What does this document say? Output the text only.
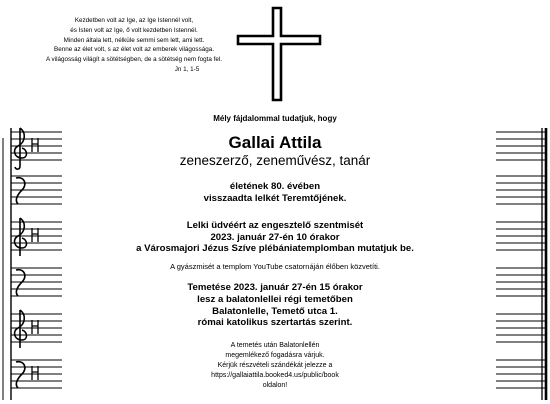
Kezdetben volt az Ige, az Ige Istennél volt,
és Isten volt az Ige, ő volt kezdetben Istennél.
Minden általa lett, nélküle semmi sem lett, ami lett.
Benne az élet volt, s az élet volt az emberek világossága.
A világosság világít a sötétségben, de a sötétség nem fogta fel.
Jn 1, 1-5
Mély fájdalommal tudatjuk, hogy
Gallai Attila
zeneszerző, zeneművész, tanár
életének 80. évében
visszaadta lelkét Teremtőjének.
Lelki üdvéért az engesztelő szentmisét
2023. január 27-én 10 órakor
a Városmajori Jézus Szíve plébániatemplomban mutatjuk be.
A gyászmisét a templom YouTube csatornáján élőben közvetíti.
Temetése 2023. január 27-én 15 órakor
lesz a balatonlellei régi temetőben
Balatonlelle, Temető utca 1.
római katolikus szertartás szerint.
A temetés után Balatonlellén
megemlékező fogadásra várjuk.
Kérjük részvételi szándékát jelezze a
https://gallaiattila.booked4.us/public/book
oldalon!
